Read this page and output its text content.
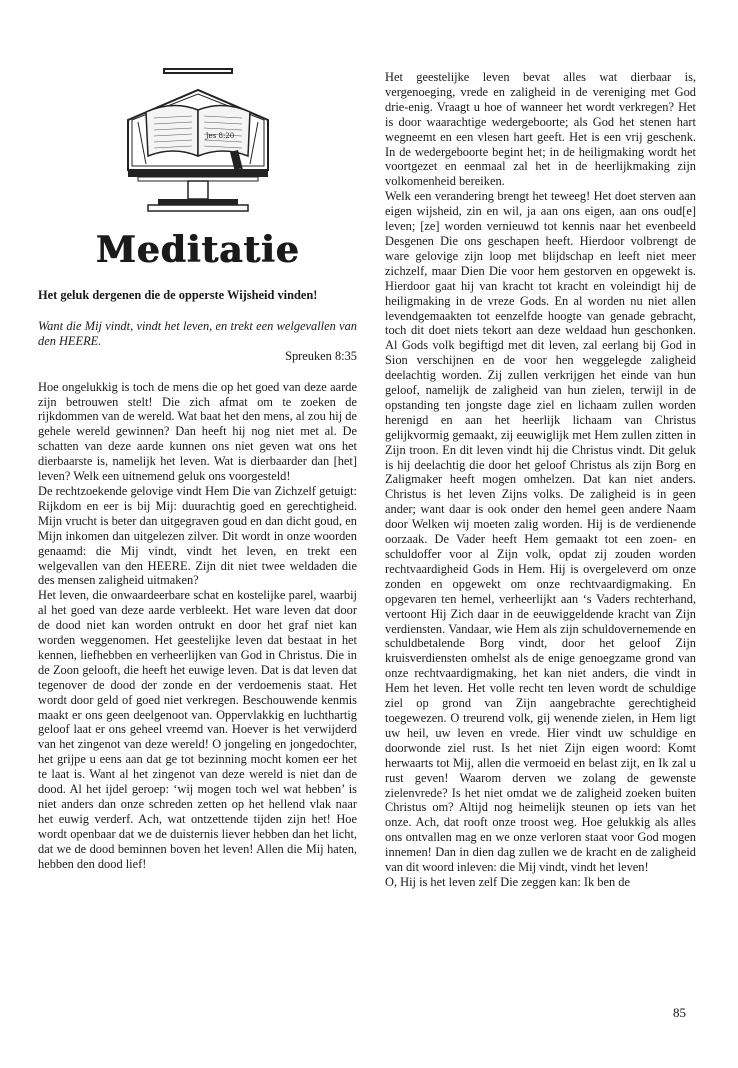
Jes 8:20
Meditatie

Het geluk dergenen die de opperste Wijsheid vinden!

Want die Mij vindt, vindt het leven, en trekt een welgevallen van den HEERE.

Spreuken 8:35

Hoe ongelukkig is toch de mens die op het goed van deze aarde zijn betrouwen stelt! Die zich afmat om te zoeken de rijkdommen van de wereld. Wat baat het den mens, al zou hij de gehele wereld gewinnen? Dan heeft hij nog niet met al. De schatten van deze aarde kunnen ons niet geven wat ons het dierbaarste is, namelijk het leven. Wat is dierbaarder dan [het] leven? Welk een uitnemend geluk ons voorgesteld!

De rechtzoekende gelovige vindt Hem Die van Zichzelf getuigt: Rijkdom en eer is bij Mij: duurachtig goed en gerechtigheid. Mijn vrucht is beter dan uitgegraven goud en dan dicht goud, en Mijn inkomen dan uitgelezen zilver. Dit wordt in onze woorden genaamd: die Mij vindt, vindt het leven, en trekt een welgevallen van den HEERE. Zijn dit niet twee weldaden die des mensen zaligheid uitmaken?

Het leven, die onwaardeerbare schat en kostelijke parel, waarbij al het goed van deze aarde verbleekt. Het ware leven dat door de dood niet kan worden ontrukt en door het graf niet kan worden weggenomen. Het geestelijke leven dat bestaat in het kennen, liefhebben en verheerlijken van God in Christus. Die in de Zoon gelooft, die heeft het euwige leven. Dat is dat leven dat tegenover de dood der zonde en der verdoemenis staat. Het wordt door geld of goed niet verkregen. Beschouwende kenmis maakt er ons geen deelgenoot van. Oppervlakkig en luchthartig geloof laat er ons geheel vreemd van. Hoever is het verwijderd van het zingenot van deze wereld! O jongeling en jongedochter, het grijpe u eens aan dat ge tot bezinning mocht komen eer het te laat is. Want al het zingenot van deze wereld is niet dan de dood. Al het ijdel geroep: ‘wij mogen toch wel wat hebben’ is niet anders dan onze schreden zetten op het hellend vlak naar het euwig verderf. Ach, wat ontzettende tijden zijn het! Hoe wordt openbaar dat we de duisternis liever hebben dan het licht, dat we de dood beminnen boven het leven! Allen die Mij haten, hebben den dood lief!

Het geestelijke leven bevat alles wat dierbaar is, vergenoeging, vrede en zaligheid in de vereniging met God drie-enig. Vraagt u hoe of wanneer het wordt verkregen? Het is door waarachtige wedergeboorte; als God het stenen hart wegneemt en een vlesen hart geeft. Het is een vrij geschenk. In de wedergeboorte begint het; in de heiligmaking wordt het voortgezet en eenmaal zal het in de heerlijkmaking zijn volkomenheid bereiken.

Welk een verandering brengt het teweeg! Het doet sterven aan eigen wijsheid, zin en wil, ja aan ons eigen, aan ons oud[e] leven; [ze] worden vernieuwd tot kennis naar het evenbeeld Desgenen Die ons geschapen heeft. Hierdoor volbrengt de ware gelovige zijn loop met blijdschap en leeft niet meer zichzelf, maar Dien Die voor hem gestorven en opgewekt is. Hierdoor gaat hij van kracht tot kracht en voleindigt hij de heiligmaking in de vreze Gods. En al worden nu niet allen levendgemaakten tot eenzelfde hoogte van genade gebracht, toch dit doet niets tekort aan deze weldaad hun geschonken. Al Gods volk begiftigd met dit leven, zal eerlang bij God in Sion verschijnen en de voor hen weggelegde zaligheid deelachtig worden. Zij zullen verkrijgen het einde van hun geloof, namelijk de zaligheid van hun zielen, terwijl in de opstanding ten jongste dage ziel en lichaam zullen worden herenigd en aan het heerlijk lichaam van Christus gelijkvormig gemaakt, zij eeuwiglijk met Hem zullen zitten in Zijn troon. En dit leven vindt hij die Christus vindt. Dit geluk is hij deelachtig die door het geloof Christus als zijn Borg en Zaligmaker heeft mogen omhelzen. Dat kan niet anders. Christus is het leven Zijns volks. De zaligheid is in geen ander; want daar is ook onder den hemel geen andere Naam door Welken wij moeten zalig worden. Hij is de verdienende oorzaak. De Vader heeft Hem gemaakt tot een zoen- en schuldoffer voor al Zijn volk, opdat zij zouden worden rechtvaardigheid Gods in Hem. Hij is overgeleverd om onze zonden en opgewekt om onze rechtvaardigmaking. En opgevaren ten hemel, verheerlijkt aan ‘s Vaders rechterhand, vertoont Hij Zich daar in de eeuwiggeldende kracht van Zijn verdiensten. Vandaar, wie Hem als zijn schuldovernemende en schuldbetalende Borg vindt, door het geloof Zijn kruisverdiensten omhelst als de enige genoegzame grond van onze rechtvaardigmaking, het kan niet anders, die vindt in Hem het leven. Het volle recht ten leven wordt de schuldige ziel op grond van Zijn aangebrachte gerechtigheid toegewezen. O treurend volk, gij wenende zielen, in Hem ligt uw heil, uw leven en vrede. Hier vindt uw schuldige en doorwonde ziel rust. Is het niet Zijn eigen woord: Komt herwaarts tot Mij, allen die vermoeid en belast zijt, en Ik zal u rust geven! Waarom derven we zolang de gewenste zielenvrede? Is het niet omdat we de zaligheid zoeken buiten Christus om? Altijd nog heimelijk steunen op iets van het onze. Ach, dat rooft onze troost weg. Hoe gelukkig als alles ons ontvallen mag en we onze verloren staat voor God mogen innemen! Dan in dien dag zullen we de kracht en de zaligheid van dit woord inleven: die Mij vindt, vindt het leven!

O, Hij is het leven zelf Die zeggen kan: Ik ben de

85
